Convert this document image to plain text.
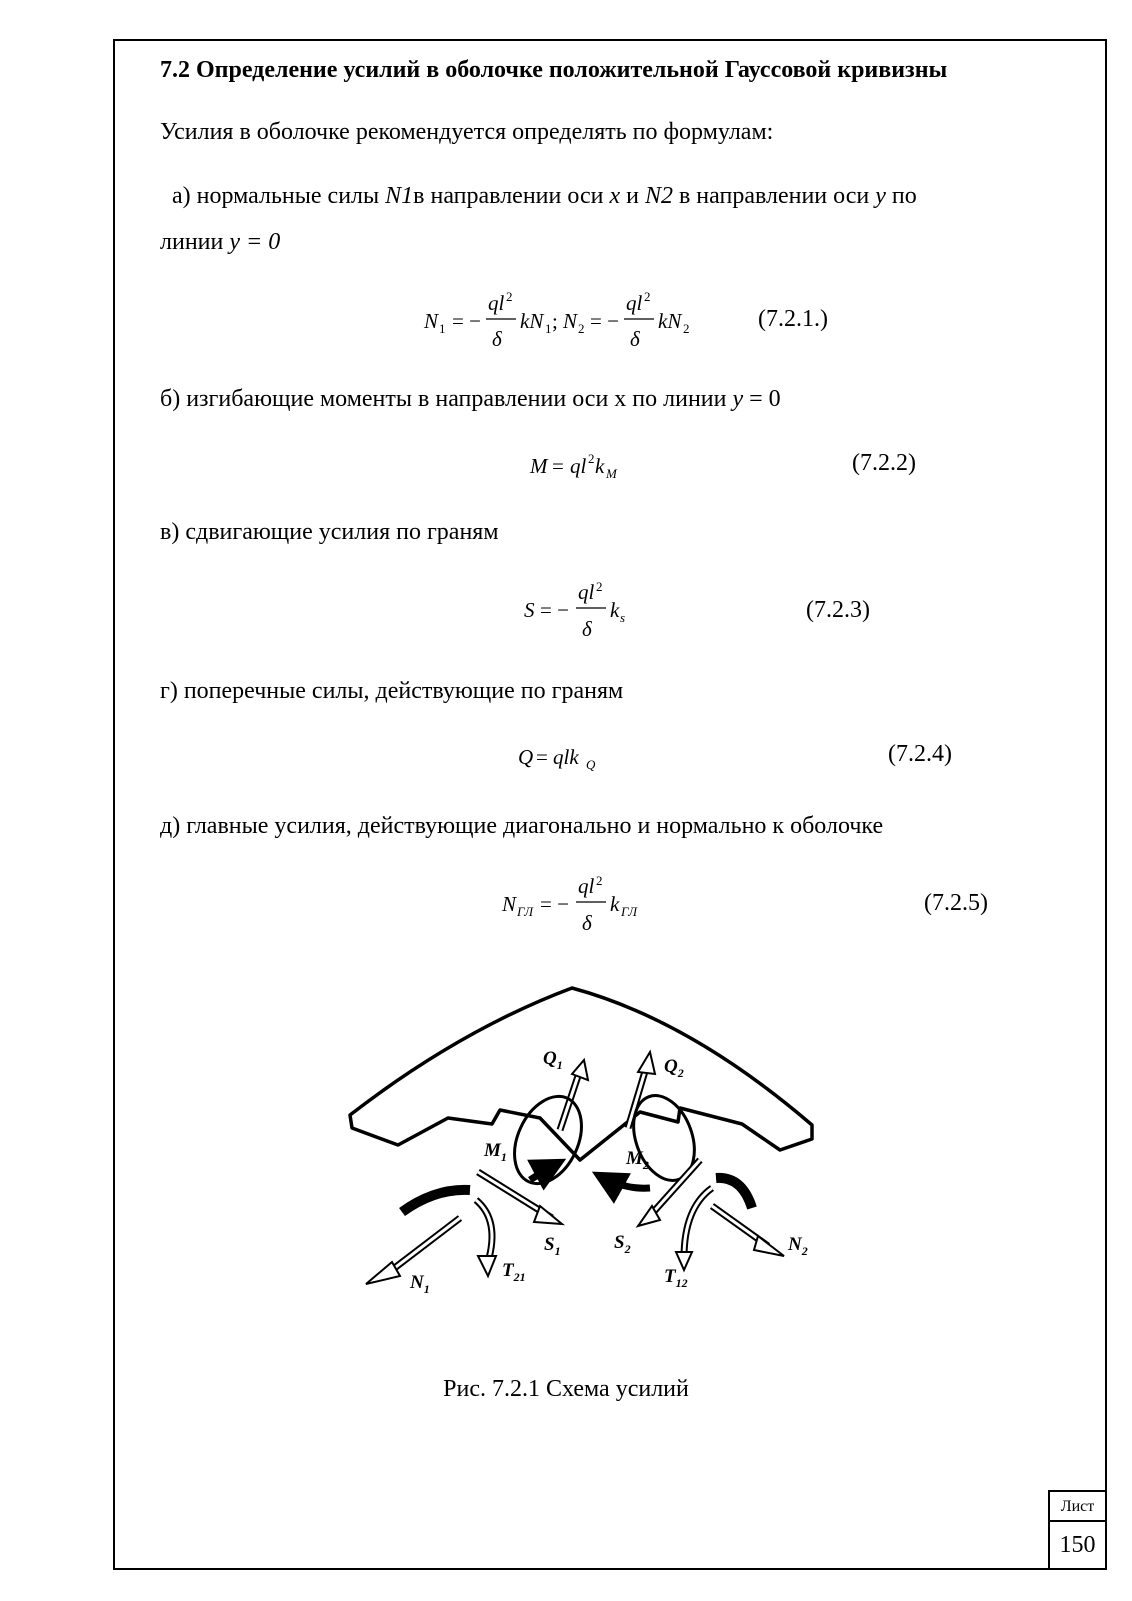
7.2 Определение усилий в оболочке положительной Гауссовой кривизны
Усилия в оболочке рекомендуется определять по формулам:
а) нормальные силы N1в направлении оси x и N2 в направлении оси y по
линии y = 0
N 1 = −
ql 2
δ
kN 1 ; N 2 = −
ql 2
δ
kN 2	(7.2.1.)
б) изгибающие моменты в направлении оси х по линии y = 0
M = ql 2 k M	(7.2.2)
в) сдвигающие усилия по граням
S = −
ql 2
δ
k s	(7.2.3)
г) поперечные силы, действующие по граням
Q = qlk Q	(7.2.4)
д) главные усилия, действующие диагонально и нормально к оболочке
N ГЛ = −
ql 2
δ
k ГЛ	(7.2.5)
$Q_1$	$Q_2$
$M_1$	$M_2$
$S_1$	$S_2$
$N_1$
$T_{21}$	$T_{12}$
$N_2$
Рис. 7.2.1 Схема усилий
Лист
150
